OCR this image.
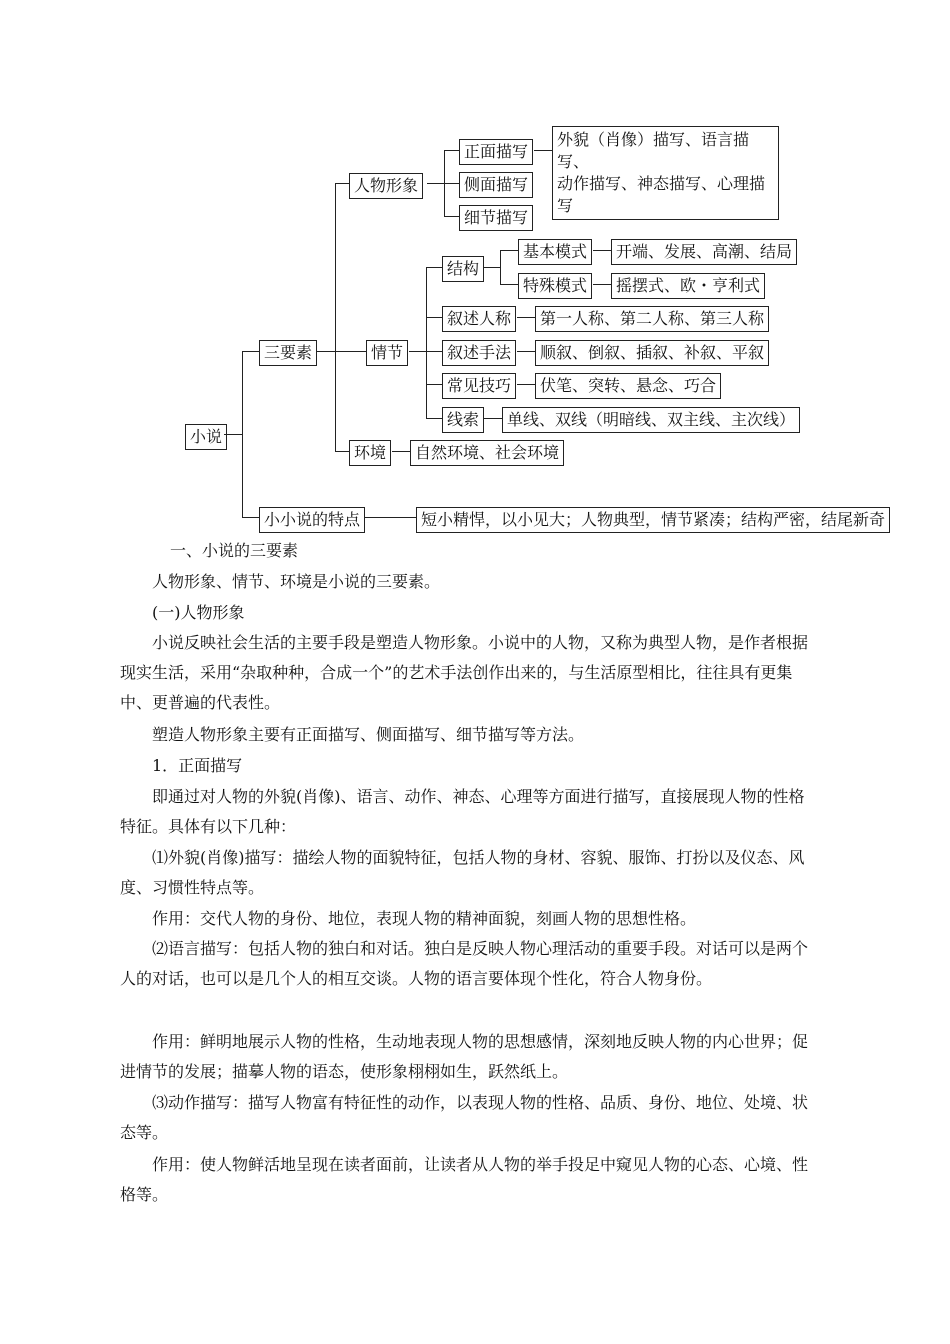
小说
三要素
人物形象
正面描写
外貌（肖像）描写、语言描写、
动作描写、神态描写、心理描写
侧面描写
细节描写
情节
结构
基本模式	开端、发展、高潮、结局
特殊模式	摇摆式、欧・亨利式
叙述人称	第一人称、第二人称、第三人称
叙述手法	顺叙、倒叙、插叙、补叙、平叙
常见技巧	伏笔、突转、悬念、巧合
线索	单线、双线（明暗线、双主线、主次线）
环境	自然环境、社会环境
小小说的特点	短小精悍，以小见大；人物典型，情节紧凑；结构严密，结尾新奇

一、小说的三要素

人物形象、情节、环境是小说的三要素。

(一)人物形象

小说反映社会生活的主要手段是塑造人物形象。小说中的人物，又称为典型人物，是作者根据现实生活，采用“杂取种种，合成一个”的艺术手法创作出来的，与生活原型相比，往往具有更集中、更普遍的代表性。

塑造人物形象主要有正面描写、侧面描写、细节描写等方法。

1．正面描写

即通过对人物的外貌(肖像)、语言、动作、神态、心理等方面进行描写，直接展现人物的性格特征。具体有以下几种：

⑴外貌(肖像)描写：描绘人物的面貌特征，包括人物的身材、容貌、服饰、打扮以及仪态、风度、习惯性特点等。

作用：交代人物的身份、地位，表现人物的精神面貌，刻画人物的思想性格。

⑵语言描写：包括人物的独白和对话。独白是反映人物心理活动的重要手段。对话可以是两个人的对话，也可以是几个人的相互交谈。人物的语言要体现个性化，符合人物身份。

作用：鲜明地展示人物的性格，生动地表现人物的思想感情，深刻地反映人物的内心世界；促进情节的发展；描摹人物的语态，使形象栩栩如生，跃然纸上。

⑶动作描写：描写人物富有特征性的动作，以表现人物的性格、品质、身份、地位、处境、状态等。

作用：使人物鲜活地呈现在读者面前，让读者从人物的举手投足中窥见人物的心态、心境、性格等。
